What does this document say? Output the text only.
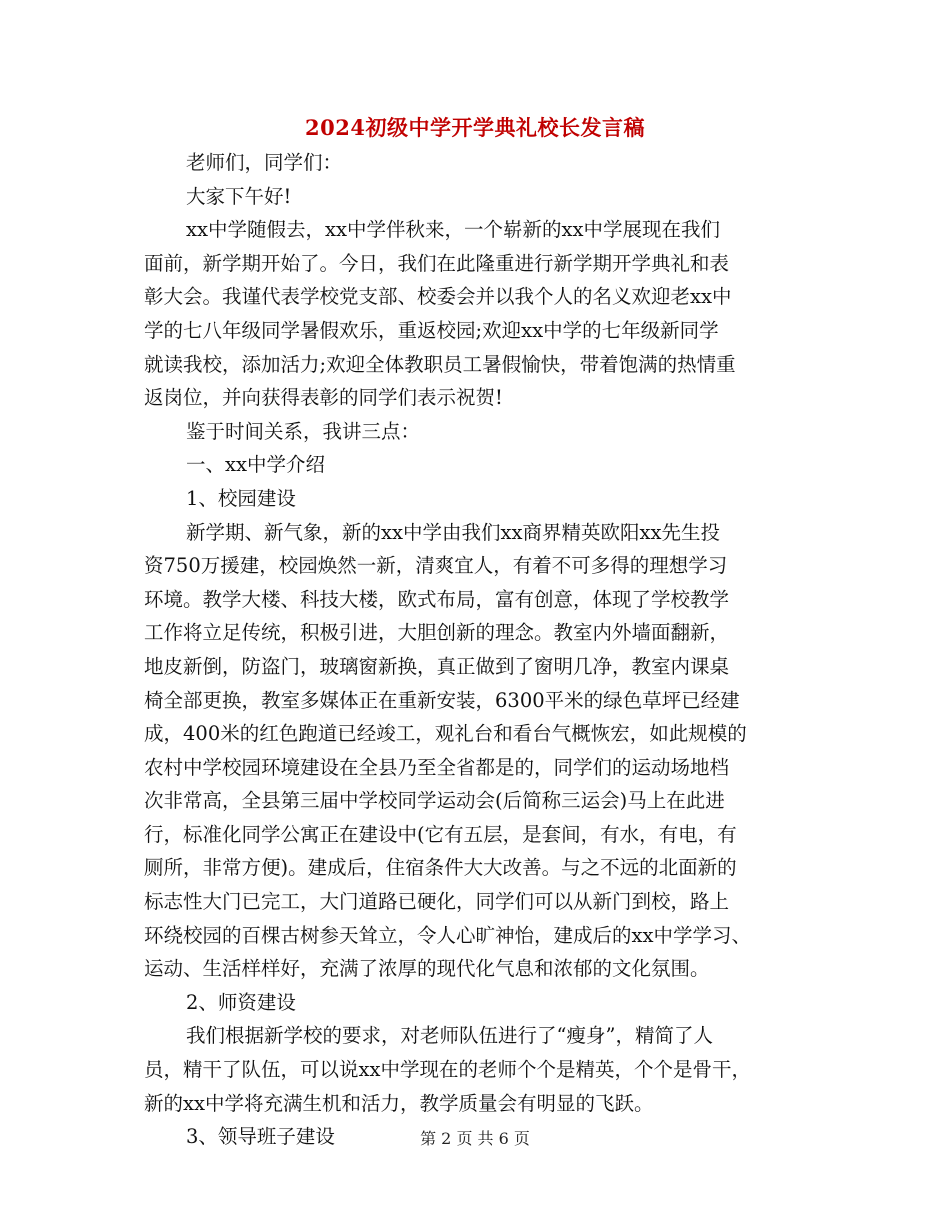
2024初级中学开学典礼校长发言稿
老师们，同学们：
大家下午好!
xx中学随假去，xx中学伴秋来，一个崭新的xx中学展现在我们
面前，新学期开始了。今日，我们在此隆重进行新学期开学典礼和表
彰大会。我谨代表学校党支部、校委会并以我个人的名义欢迎老xx中
学的七八年级同学暑假欢乐，重返校园;欢迎xx中学的七年级新同学
就读我校，添加活力;欢迎全体教职员工暑假愉快，带着饱满的热情重
返岗位，并向获得表彰的同学们表示祝贺!
鉴于时间关系，我讲三点：
一、xx中学介绍
1、校园建设
新学期、新气象，新的xx中学由我们xx商界精英欧阳xx先生投
资750万援建，校园焕然一新，清爽宜人，有着不可多得的理想学习
环境。教学大楼、科技大楼，欧式布局，富有创意，体现了学校教学
工作将立足传统，积极引进，大胆创新的理念。教室内外墙面翻新，
地皮新倒，防盗门，玻璃窗新换，真正做到了窗明几净，教室内课桌
椅全部更换，教室多媒体正在重新安装，6300平米的绿色草坪已经建
成，400米的红色跑道已经竣工，观礼台和看台气概恢宏，如此规模的
农村中学校园环境建设在全县乃至全省都是的，同学们的运动场地档
次非常高，全县第三届中学校同学运动会(后简称三运会)马上在此进
行，标准化同学公寓正在建设中(它有五层，是套间，有水，有电，有
厕所，非常方便)。建成后，住宿条件大大改善。与之不远的北面新的
标志性大门已完工，大门道路已硬化，同学们可以从新门到校，路上
环绕校园的百棵古树参天耸立，令人心旷神怡，建成后的xx中学学习、
运动、生活样样好，充满了浓厚的现代化气息和浓郁的文化氛围。
2、师资建设
我们根据新学校的要求，对老师队伍进行了“瘦身”，精简了人
员，精干了队伍，可以说xx中学现在的老师个个是精英，个个是骨干，
新的xx中学将充满生机和活力，教学质量会有明显的飞跃。
3、领导班子建设	第 2 页 共 6 页
